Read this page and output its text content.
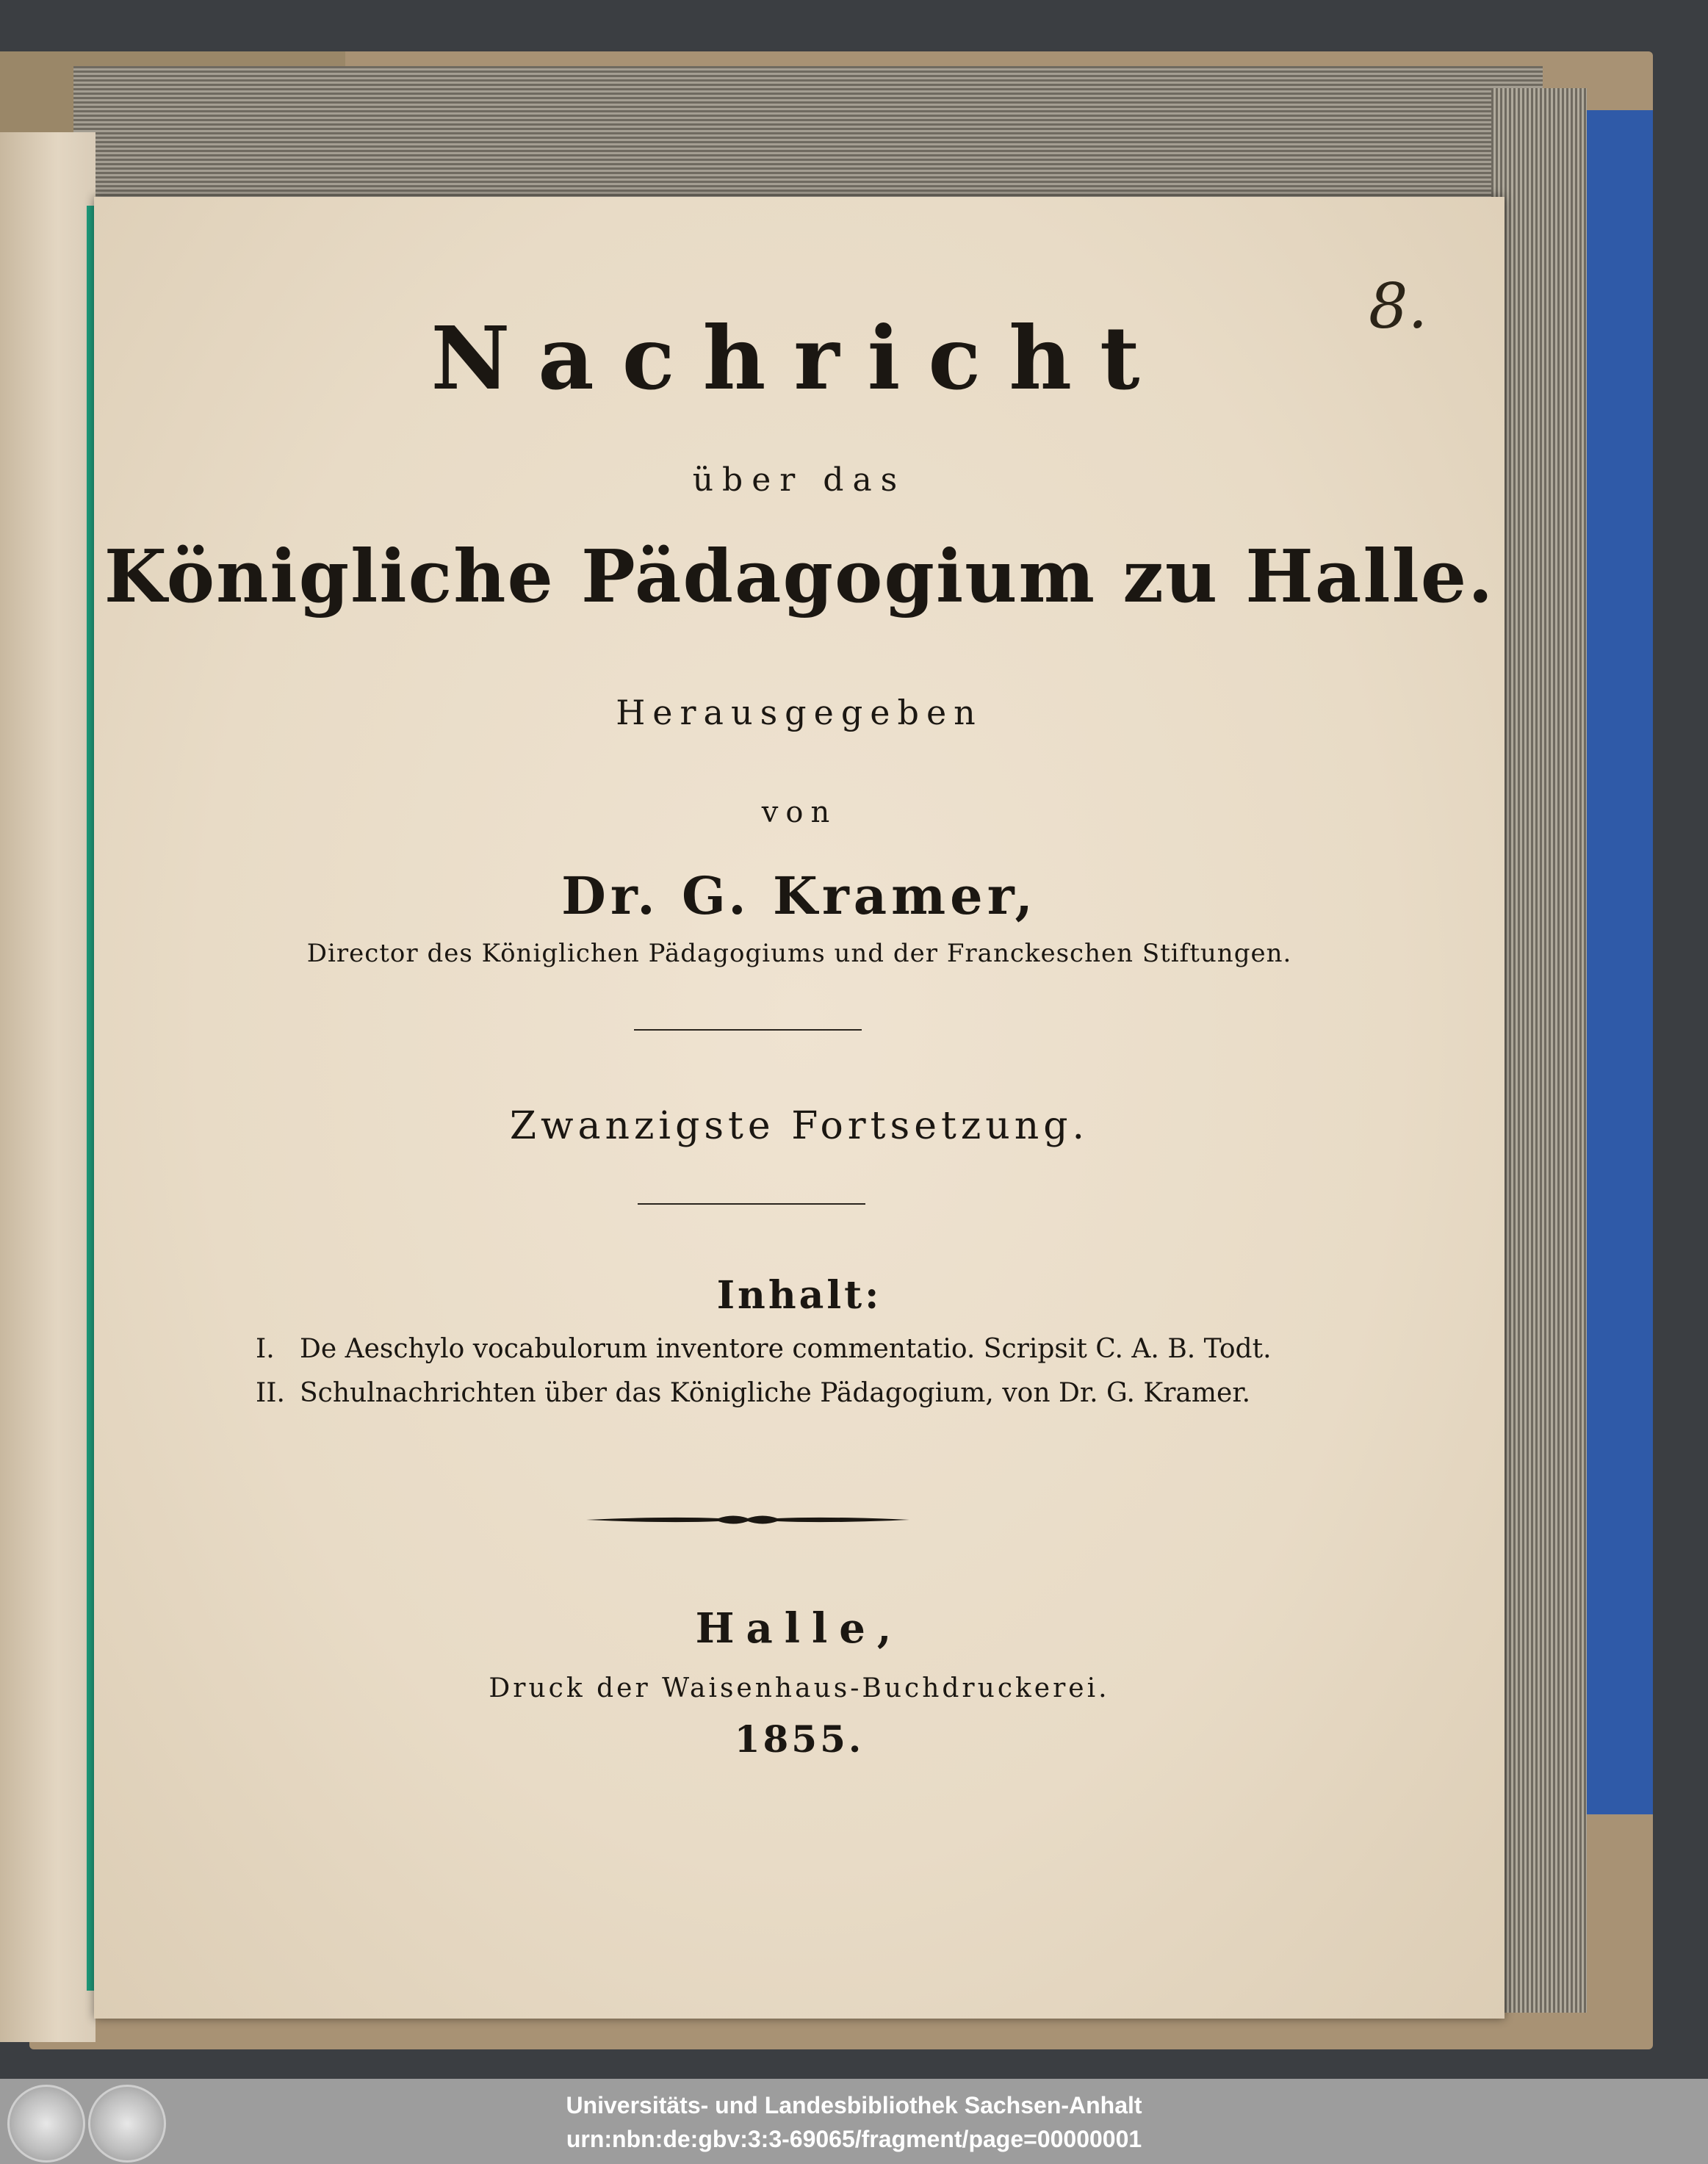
8.
Nachricht
über das
Königliche Pädagogium zu Halle.
Herausgegeben
von
Dr. G. Kramer,
Director des Königlichen Pädagogiums und der Franckeschen Stiftungen.
Zwanzigste Fortsetzung.
Inhalt:
I. De Aeschylo vocabulorum inventore commentatio. Scripsit C. A. B. Todt.
II. Schulnachrichten über das Königliche Pädagogium, von Dr. G. Kramer.
Halle,
Druck der Waisenhaus-Buchdruckerei.
1855.
Universitäts- und Landesbibliothek Sachsen-Anhalt
urn:nbn:de:gbv:3:3-69065/fragment/page=00000001
